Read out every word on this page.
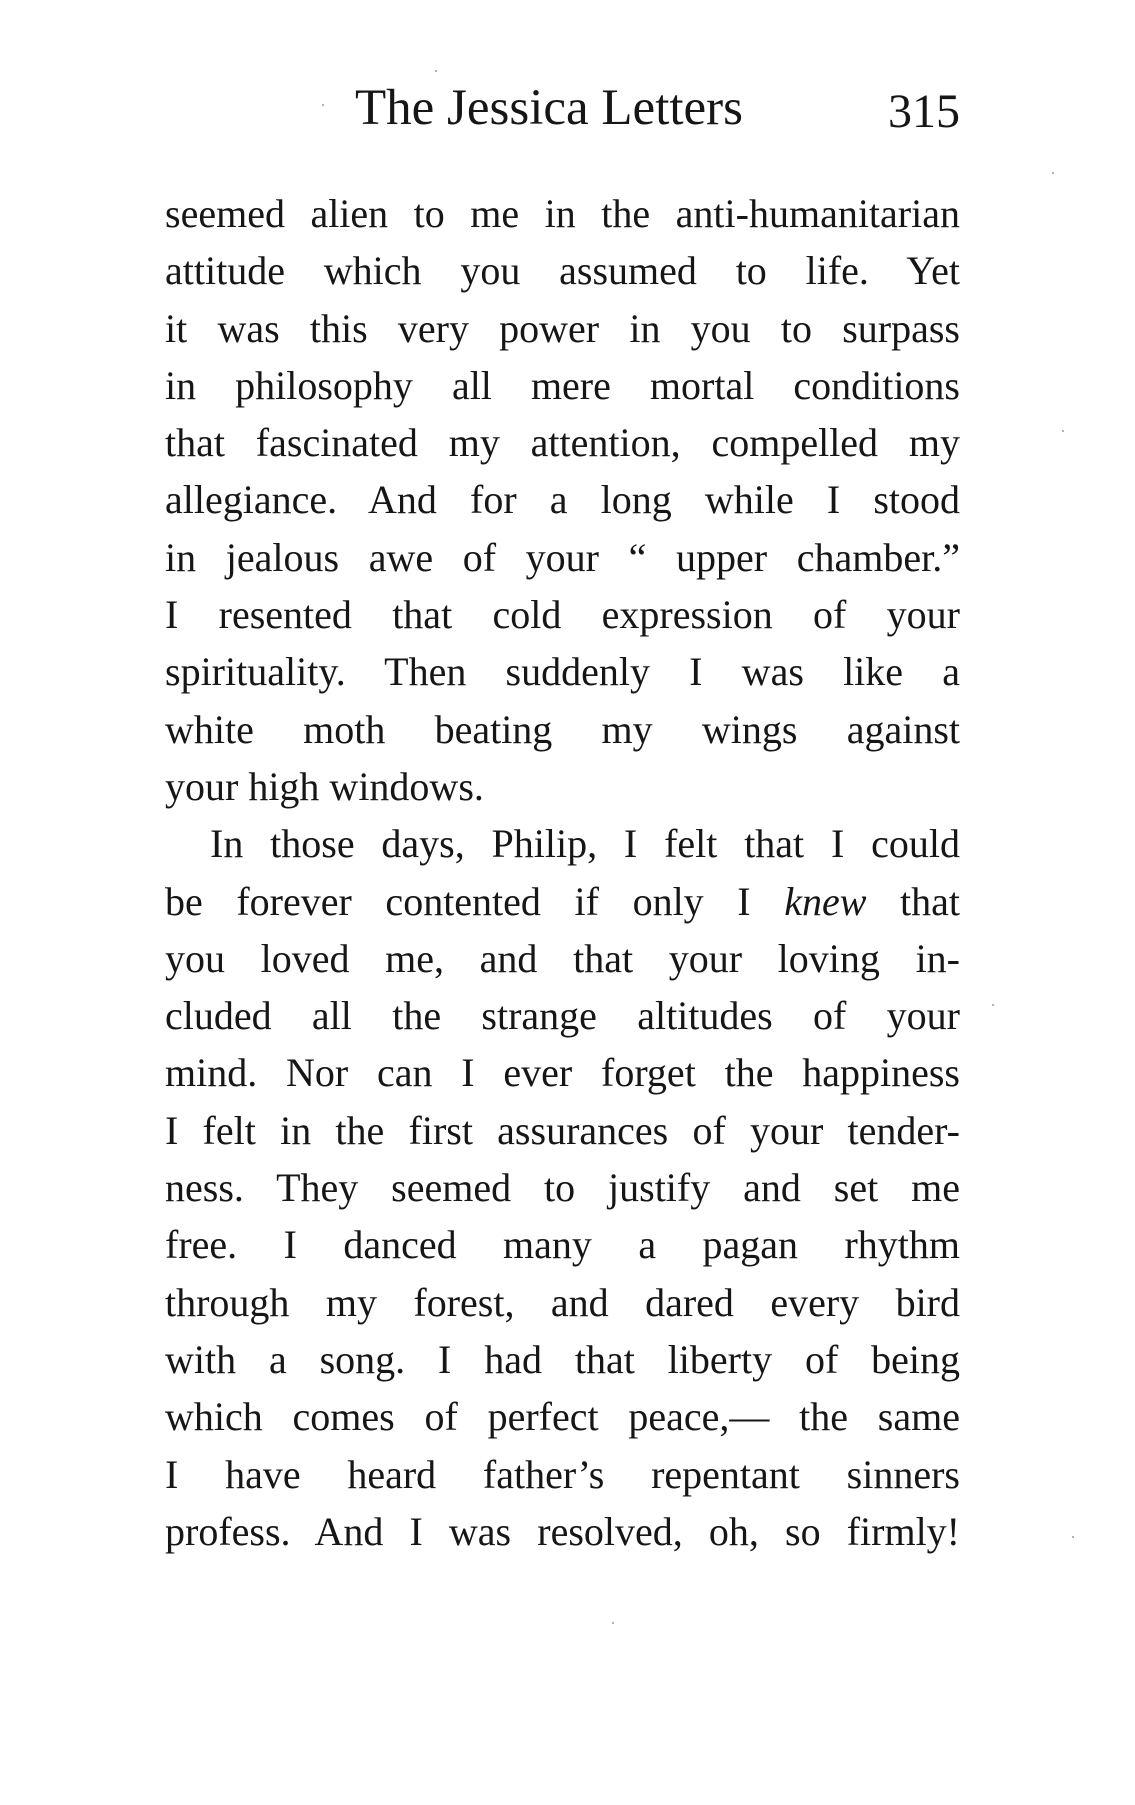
The Jessica Letters	315
seemed alien to me in the anti-humanitarian
attitude which you assumed to life. Yet
it was this very power in you to surpass
in philosophy all mere mortal conditions
that fascinated my attention, compelled my
allegiance. And for a long while I stood
in jealous awe of your “ upper chamber.”
I resented that cold expression of your
spirituality. Then suddenly I was like a
white moth beating my wings against
your high windows.
In those days, Philip, I felt that I could
be forever contented if only I knew that
you loved me, and that your loving in-
cluded all the strange altitudes of your
mind. Nor can I ever forget the happiness
I felt in the first assurances of your tender-
ness. They seemed to justify and set me
free. I danced many a pagan rhythm
through my forest, and dared every bird
with a song. I had that liberty of being
which comes of perfect peace,— the same
I have heard father’s repentant sinners
profess. And I was resolved, oh, so firmly!
